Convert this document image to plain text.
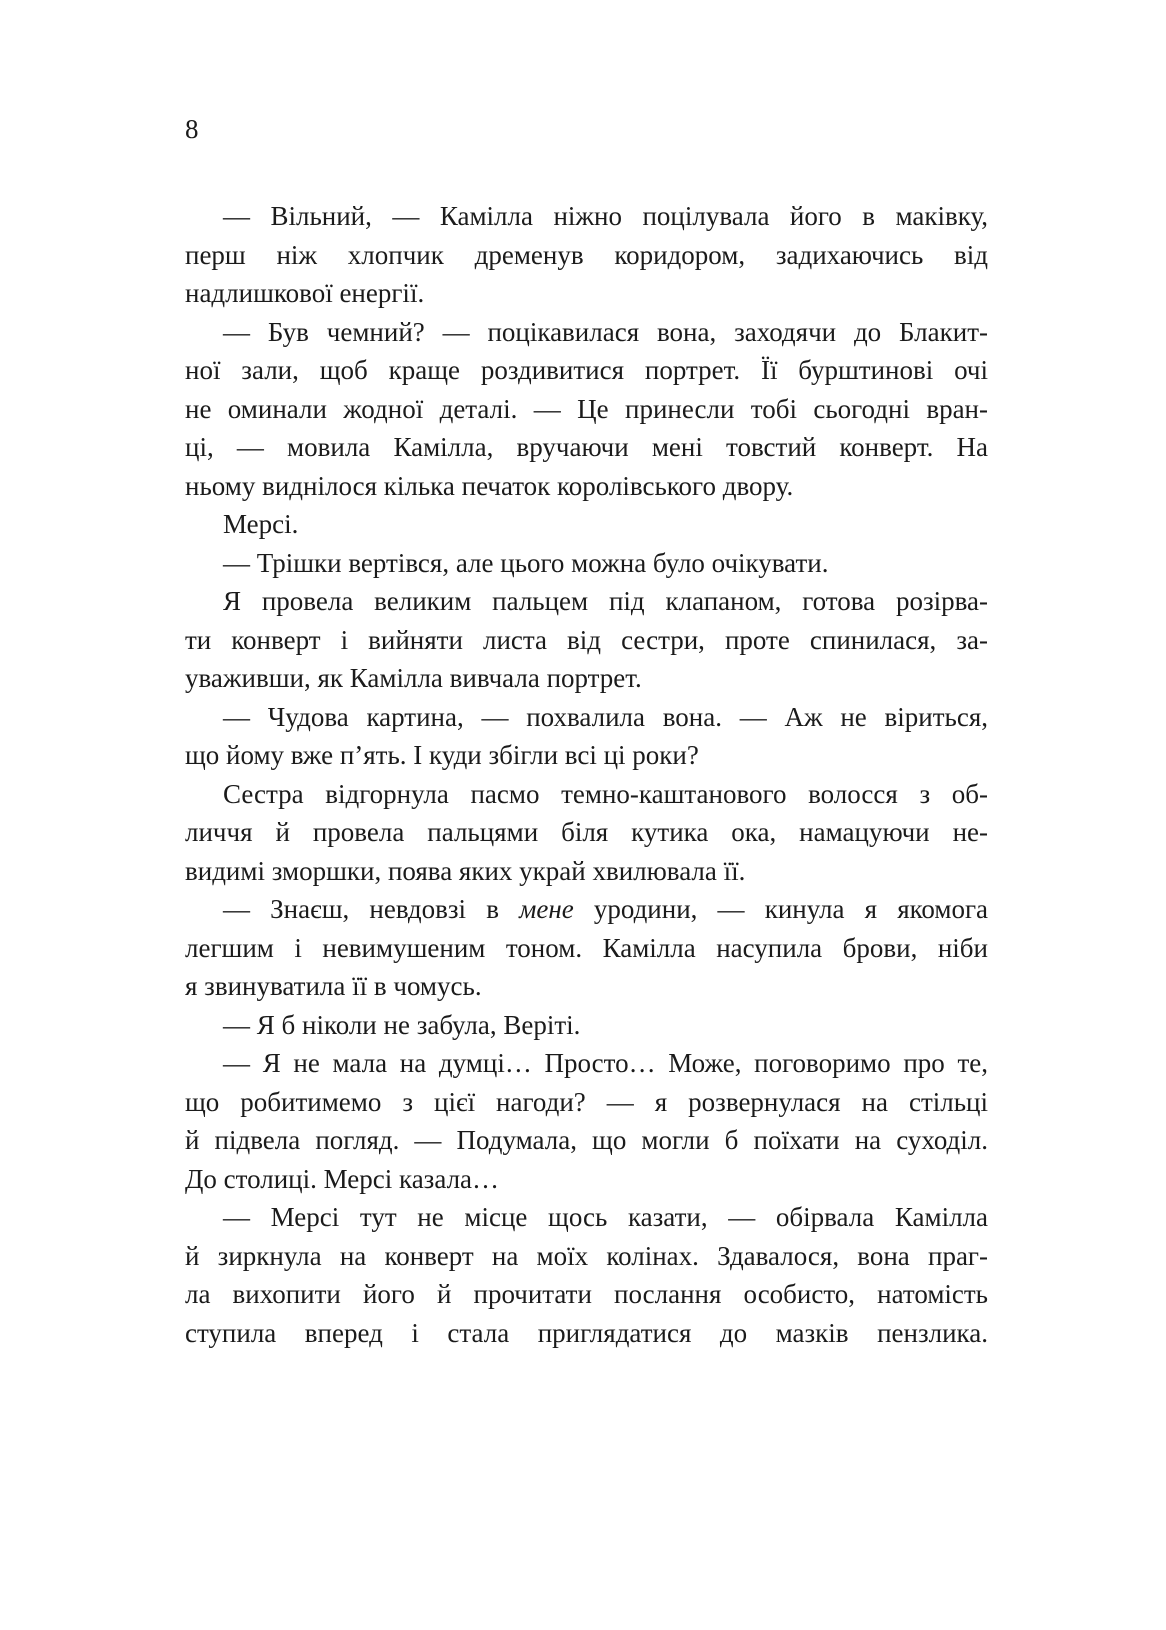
8
— Вільний, — Камілла ніжно поцілувала його в маківку,
перш ніж хлопчик дременув коридором, задихаючись від
надлишкової енергії.
— Був чемний? — поцікавилася вона, заходячи до Блакит-
ної зали, щоб краще роздивитися портрет. Її бурштинові очі
не оминали жодної деталі. — Це принесли тобі сьогодні вран-
ці, — мовила Камілла, вручаючи мені товстий конверт. На
ньому виднілося кілька печаток королівського двору.
Мерсі.
— Трішки вертівся, але цього можна було очікувати.
Я провела великим пальцем під клапаном, готова розірва-
ти конверт і вийняти листа від сестри, проте спинилася, за-
уваживши, як Камілла вивчала портрет.
— Чудова картина, — похвалила вона. — Аж не віриться,
що йому вже п’ять. І куди збігли всі ці роки?
Сестра відгорнула пасмо темно-каштанового волосся з об-
личчя й провела пальцями біля кутика ока, намацуючи не-
видимі зморшки, поява яких украй хвилювала її.
— Знаєш, невдовзі в мене уродини, — кинула я якомога
легшим і невимушеним тоном. Камілла насупила брови, ніби
я звинуватила її в чомусь.
— Я б ніколи не забула, Веріті.
— Я не мала на думці… Просто… Може, поговоримо про те,
що робитимемо з цієї нагоди? — я розвернулася на стільці
й підвела погляд. — Подумала, що могли б поїхати на суходіл.
До столиці. Мерсі казала…
— Мерсі тут не місце щось казати, — обірвала Камілла
й зиркнула на конверт на моїх колінах. Здавалося, вона праг-
ла вихопити його й прочитати послання особисто, натомість
ступила вперед і стала приглядатися до мазків пензлика.
